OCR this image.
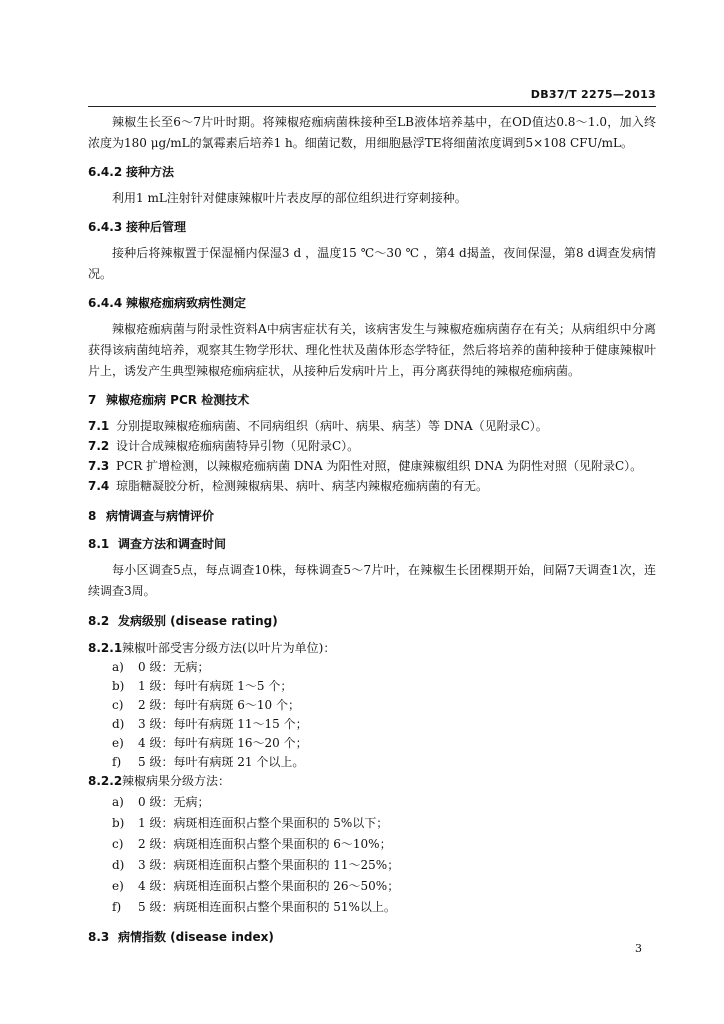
DB37/T 2275—2013

辣椒生长至6～7片叶时期。将辣椒疮痂病菌株接种至LB液体培养基中，在OD值达0.8～1.0，加入终浓度为180 μg/mL的氯霉素后培养1 h。细菌记数，用细胞悬浮TE将细菌浓度调到5×108 CFU/mL。

6.4.2 接种方法

利用1 mL注射针对健康辣椒叶片表皮厚的部位组织进行穿刺接种。

6.4.3 接种后管理

接种后将辣椒置于保湿桶内保湿3 d ，温度15 ℃～30 ℃ ，第4 d揭盖，夜间保湿，第8 d调查发病情况。

6.4.4 辣椒疮痂病致病性测定

辣椒疮痂病菌与附录性资料A中病害症状有关，该病害发生与辣椒疮痂病菌存在有关；从病组织中分离获得该病菌纯培养，观察其生物学形状、理化性状及菌体形态学特征，然后将培养的菌种接种于健康辣椒叶片上，诱发产生典型辣椒疮痂病症状，从接种后发病叶片上，再分离获得纯的辣椒疮痂病菌。

7 辣椒疮痂病 PCR 检测技术

7.1 分别提取辣椒疮痂病菌、不同病组织（病叶、病果、病茎）等 DNA（见附录C）。

7.2 设计合成辣椒疮痂病菌特异引物（见附录C）。

7.3 PCR 扩增检测，以辣椒疮痂病菌 DNA 为阳性对照，健康辣椒组织 DNA 为阴性对照（见附录C）。

7.4 琼脂糖凝胶分析，检测辣椒病果、病叶、病茎内辣椒疮痂病菌的有无。

8 病情调查与病情评价

8.1 调查方法和调查时间

每小区调查5点，每点调查10株，每株调查5～7片叶，在辣椒生长团棵期开始，间隔7天调查1次，连续调查3周。

8.2 发病级别 (disease rating)

8.2.1辣椒叶部受害分级方法(以叶片为单位)：

a) 0 级：无病；

b) 1 级：每叶有病斑 1～5 个；

c) 2 级：每叶有病斑 6～10 个；

d) 3 级：每叶有病斑 11～15 个；

e) 4 级：每叶有病斑 16～20 个；

f) 5 级：每叶有病斑 21 个以上。

8.2.2辣椒病果分级方法：

a) 0 级：无病；

b) 1 级：病斑相连面积占整个果面积的 5%以下；

c) 2 级：病斑相连面积占整个果面积的 6～10%；

d) 3 级：病斑相连面积占整个果面积的 11～25%；

e) 4 级：病斑相连面积占整个果面积的 26～50%；

f) 5 级：病斑相连面积占整个果面积的 51%以上。

8.3 病情指数 (disease index)

3
